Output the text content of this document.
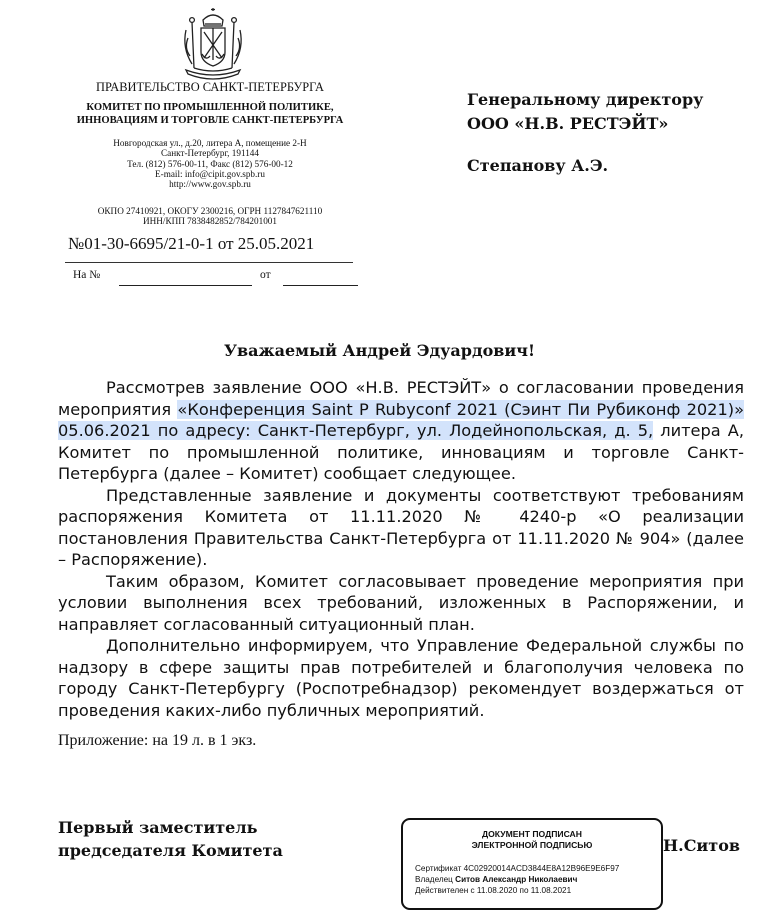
ПРАВИТЕЛЬСТВО САНКТ-ПЕТЕРБУРГА
КОМИТЕТ ПО ПРОМЫШЛЕННОЙ ПОЛИТИКЕ,
ИННОВАЦИЯМ И ТОРГОВЛЕ САНКТ-ПЕТЕРБУРГА
Новгородская ул., д.20, литера А, помещение 2-Н
Санкт-Петербург, 191144
Тел. (812) 576-00-11, Факс (812) 576-00-12
E-mail: info@cipit.gov.spb.ru
http://www.gov.spb.ru
ОКПО 27410921, ОКОГУ 2300216, ОГРН 1127847621110
ИНН/КПП 7838482852/784201001
№01-30-6695/21-0-1 от 25.05.2021
На №	от
Генеральному директору
ООО «Н.В. РЕСТЭЙТ»
Степанову А.Э.
Уважаемый Андрей Эдуардович!

Рассмотрев заявление ООО «Н.В. РЕСТЭЙТ» о согласовании проведения мероприятия «Конференция Saint P Rubyconf 2021 (Сэинт Пи Рубиконф 2021)» 05.06.2021 по адресу: Санкт-Петербург, ул. Лодейнопольская, д. 5, литера А, Комитет по промышленной политике, инновациям и торговле Санкт-Петербурга (далее – Комитет) сообщает следующее.

Представленные заявление и документы соответствуют требованиям распоряжения Комитета от 11.11.2020 № 4240-р «О реализации постановления Правительства Санкт-Петербурга от 11.11.2020 № 904» (далее – Распоряжение).

Таким образом, Комитет согласовывает проведение мероприятия при условии выполнения всех требований, изложенных в Распоряжении, и направляет согласованный ситуационный план.

Дополнительно информируем, что Управление Федеральной службы по надзору в сфере защиты прав потребителей и благополучия человека по городу Санкт-Петербургу (Роспотребнадзор) рекомендует воздержаться от проведения каких-либо публичных мероприятий.

Приложение: на 19 л. в 1 экз.
Первый заместитель
председателя Комитета
ДОКУМЕНТ ПОДПИСАН
ЭЛЕКТРОННОЙ ПОДПИСЬЮ
Сертификат 4C02920014ACD3844E8A12B96E9E6F97
Владелец Ситов Александр Николаевич
Действителен с 11.08.2020 по 11.08.2021
Н.Ситов
